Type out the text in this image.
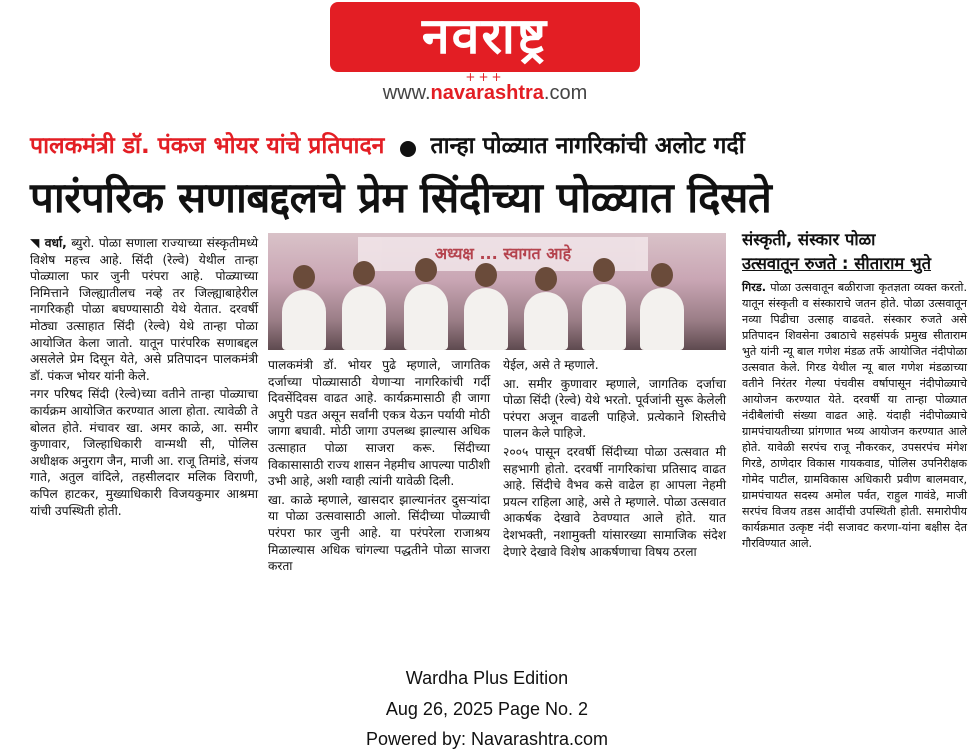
नवराष्ट्र
+++
www.navarashtra.com
पालकमंत्री डॉ. पंकज भोयर यांचे प्रतिपादन तान्हा पोळ्यात नागरिकांची अलोट गर्दी
पारंपरिक सणाबद्दलचे प्रेम सिंदीच्या पोळ्यात दिसते

◥ वर्धा, ब्युरो. पोळा सणाला राज्याच्या संस्कृतीमध्ये विशेष महत्त्व आहे. सिंदी (रेल्वे) येथील तान्हा पोळ्याला फार जुनी परंपरा आहे. पोळ्याच्या निमित्ताने जिल्ह्यातीलच नव्हे तर जिल्ह्याबाहेरील नागरिकही पोळा बघण्यासाठी येथे येतात. दरवर्षी मोठ्या उत्साहात सिंदी (रेल्वे) येथे तान्हा पोळा आयोजित केला जातो. यातून पारंपरिक सणाबद्दल असलेले प्रेम दिसून येते, असे प्रतिपादन पालकमंत्री डॉ. पंकज भोयर यांनी केले.

नगर परिषद सिंदी (रेल्वे)च्या वतीने तान्हा पोळ्याचा कार्यक्रम आयोजित करण्यात आला होता. त्यावेळी ते बोलत होते. मंचावर खा. अमर काळे, आ. समीर कुणावार, जिल्हाधिकारी वान्मथी सी, पोलिस अधीक्षक अनुराग जैन, माजी आ. राजू तिमांडे, संजय गाते, अतुल वांदिले, तहसीलदार मलिक विराणी, कपिल हाटकर, मुख्याधिकारी विजयकुमार आश्रमा यांची उपस्थिती होती.

अध्यक्ष ... स्वागत आहे

पालकमंत्री डॉ. भोयर पुढे म्हणाले, जागतिक दर्जाच्या पोळ्यासाठी येणाऱ्या नागरिकांची गर्दी दिवसेंदिवस वाढत आहे. कार्यक्रमासाठी ही जागा अपुरी पडत असून सर्वांनी एकत्र येऊन पर्यायी मोठी जागा बघावी. मोठी जागा उपलब्ध झाल्यास अधिक उत्साहात पोळा साजरा करू. सिंदीच्या विकासासाठी राज्य शासन नेहमीच आपल्या पाठीशी उभी आहे, अशी ग्वाही त्यांनी यावेळी दिली.

खा. काळे म्हणाले, खासदार झाल्यानंतर दुसऱ्यांदा या पोळा उत्सवासाठी आलो. सिंदीच्या पोळ्याची परंपरा फार जुनी आहे. या परंपरेला राजाश्रय मिळाल्यास अधिक चांगल्या पद्धतीने पोळा साजरा करता

येईल, असे ते म्हणाले.

आ. समीर कुणावार म्हणाले, जागतिक दर्जाचा पोळा सिंदी (रेल्वे) येथे भरतो. पूर्वजांनी सुरू केलेली परंपरा अजून वाढली पाहिजे. प्रत्येकाने शिस्तीचे पालन केले पाहिजे.

२००५ पासून दरवर्षी सिंदीच्या पोळा उत्सवात मी सहभागी होतो. दरवर्षी नागरिकांचा प्रतिसाद वाढत आहे. सिंदीचे वैभव कसे वाढेल हा आपला नेहमी प्रयत्न राहिला आहे, असे ते म्हणाले. पोळा उत्सवात आकर्षक देखावे ठेवण्यात आले होते. यात देशभक्ती, नशामुक्ती यांसारख्या सामाजिक संदेश देणारे देखावे विशेष आकर्षणाचा विषय ठरला

संस्कृती, संस्कार पोळा
उत्सवातून रुजते : सीताराम भुते

गिरड. पोळा उत्सवातून बळीराजा कृतज्ञता व्यक्त करतो. यातून संस्कृती व संस्काराचे जतन होते. पोळा उत्सवातून नव्या पिढीचा उत्साह वाढवते. संस्कार रुजते असे प्रतिपादन शिवसेना उबाठाचे सहसंपर्क प्रमुख सीताराम भुते यांनी न्यू बाल गणेश मंडळ तर्फे आयोजित नंदीपोळा उत्सवात केले. गिरड येथील न्यू बाल गणेश मंडळाच्या वतीने निरंतर गेल्या पंचवीस वर्षापासून नंदीपोळ्याचे आयोजन करण्यात येते. दरवर्षी या तान्हा पोळ्यात नंदीबैलांची संख्या वाढत आहे. यंदाही नंदीपोळ्याचे ग्रामपंचायतीच्या प्रांगणात भव्य आयोजन करण्यात आले होते. यावेळी सरपंच राजू नौकरकर, उपसरपंच मंगेश गिरडे, ठाणेदार विकास गायकवाड, पोलिस उपनिरीक्षक गोमेद पाटील, ग्रामविकास अधिकारी प्रवीण बालमवार, ग्रामपंचायत सदस्य अमोल पर्वत, राहुल गावंडे, माजी सरपंच विजय तडस आदींची उपस्थिती होती. समारोपीय कार्यक्रमात उत्कृष्ट नंदी सजावट करणा-यांना बक्षीस देत गौरविण्यात आले.

Wardha Plus Edition
Aug 26, 2025 Page No. 2
Powered by: Navarashtra.com
